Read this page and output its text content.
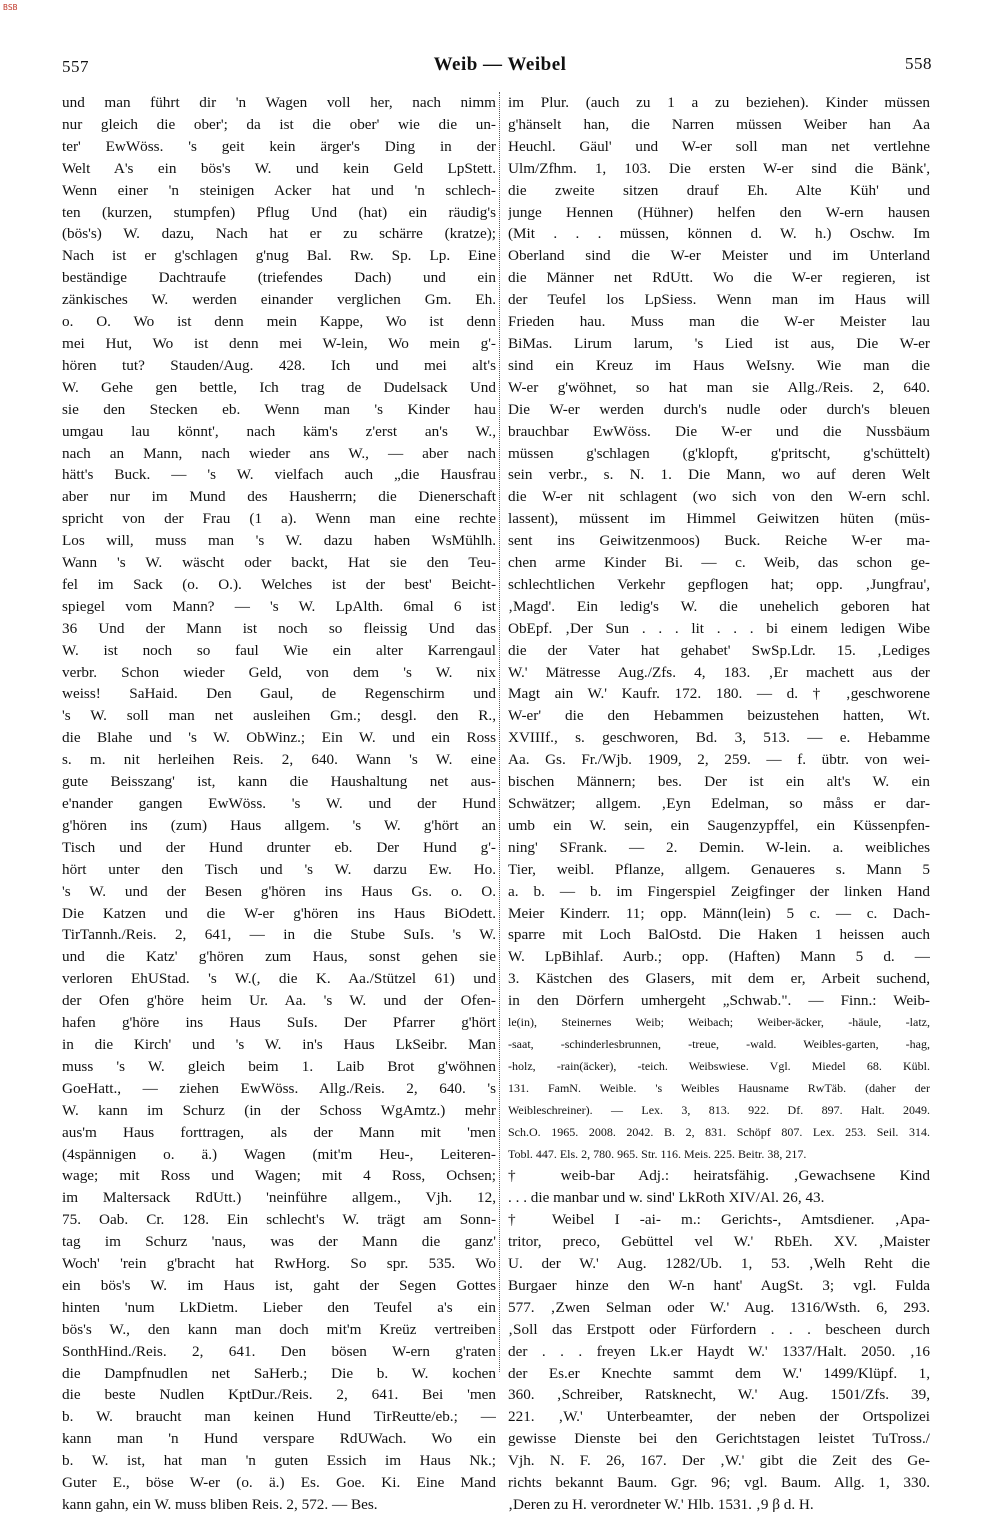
BSB
557	Weib — Weibel	558
und man führt dir 'n Wagen voll her, nach nimm
nur gleich die ober'; da ist die ober' wie die un-
ter' EwWöss. 's geit kein ärger's Ding in der
Welt A's ein bös's W. und kein Geld LpStett.
Wenn einer 'n steinigen Acker hat und 'n schlech-
ten (kurzen, stumpfen) Pflug Und (hat) ein räudig's
(bös's) W. dazu, Nach hat er zu schärre (kratze);
Nach ist er g'schlagen g'nug Bal. Rw. Sp. Lp. Eine
beständige Dachtraufe (triefendes Dach) und ein
zänkisches W. werden einander verglichen Gm. Eh.
o. O. Wo ist denn mein Kappe, Wo ist denn
mei Hut, Wo ist denn mei W-lein, Wo mein g'-
hören tut? Stauden/Aug. 428. Ich und mei alt's
W. Gehe gen bettle, Ich trag de Dudelsack Und
sie den Stecken eb. Wenn man 's Kinder hau
umgau lau könnt', nach käm's z'erst an's W.,
nach an Mann, nach wieder ans W., — aber nach
hätt's Buck. — 's W. vielfach auch „die Hausfrau
aber nur im Mund des Hausherrn; die Dienerschaft
spricht von der Frau (1 a). Wenn man eine rechte
Los will, muss man 's W. dazu haben WsMühlh.
Wann 's W. wäscht oder backt, Hat sie den Teu-
fel im Sack (o. O.). Welches ist der best' Beicht-
spiegel vom Mann? — 's W. LpAlth. 6mal 6 ist
36 Und der Mann ist noch so fleissig Und das
W. ist noch so faul Wie ein alter Karrengaul
verbr. Schon wieder Geld, von dem 's W. nix
weiss! SaHaid. Den Gaul, de Regenschirm und
's W. soll man net ausleihen Gm.; desgl. den R.,
die Blahe und 's W. ObWinz.; Ein W. und ein Ross
s. m. nit herleihen Reis. 2, 640. Wann 's W. eine
gute Beisszang' ist, kann die Haushaltung net aus-
e'nander gangen EwWöss. 's W. und der Hund
g'hören ins (zum) Haus allgem. 's W. g'hört an
Tisch und der Hund drunter eb. Der Hund g'-
hört unter den Tisch und 's W. darzu Ew. Ho.
's W. und der Besen g'hören ins Haus Gs. o. O.
Die Katzen und die W-er g'hören ins Haus BiOdett.
TirTannh./Reis. 2, 641, — in die Stube SuIs. 's W.
und die Katz' g'hören zum Haus, sonst gehen sie
verloren EhUStad. 's W.(, die K. Aa./Stützel 61) und
der Ofen g'höre heim Ur. Aa. 's W. und der Ofen-
hafen g'höre ins Haus SuIs. Der Pfarrer g'hört
in die Kirch' und 's W. in's Haus LkSeibr. Man
muss 's W. gleich beim 1. Laib Brot g'wöhnen
GoeHatt., — ziehen EwWöss. Allg./Reis. 2, 640. 's
W. kann im Schurz (in der Schoss WgAmtz.) mehr
aus'm Haus forttragen, als der Mann mit 'men
(4spännigen o. ä.) Wagen (mit'm Heu-, Leiteren-
wage; mit Ross und Wagen; mit 4 Ross, Ochsen;
im Maltersack RdUtt.) 'neinführe allgem., Vjh. 12,
75. Oab. Cr. 128. Ein schlecht's W. trägt am Sonn-
tag im Schurz 'naus, was der Mann die ganz'
Woch' 'rein g'bracht hat RwHorg. So spr. 535. Wo
ein bös's W. im Haus ist, gaht der Segen Gottes
hinten 'num LkDietm. Lieber den Teufel a's ein
bös's W., den kann man doch mit'm Kreüz vertreiben
SonthHind./Reis. 2, 641. Den bösen W-ern g'raten
die Dampfnudlen net SaHerb.; Die b. W. kochen
die beste Nudlen KptDur./Reis. 2, 641. Bei 'men
b. W. braucht man keinen Hund TirReutte/eb.; —
kann man 'n Hund verspare RdUWach. Wo ein
b. W. ist, hat man 'n guten Essich im Haus Nk.;
Guter E., böse W-er (o. ä.) Es. Goe. Ki. Eine Mand
kann gahn, ein W. muss bliben Reis. 2, 572. — Bes.
im Plur. (auch zu 1 a zu beziehen). Kinder müssen
g'hänselt han, die Narren müssen Weiber han Aa
Heuchl. Gäul' und W-er soll man net vertlehne
Ulm/Zfhm. 1, 103. Die ersten W-er sind die Bänk',
die zweite sitzen drauf Eh. Alte Küh' und
junge Hennen (Hühner) helfen den W-ern hausen
(Mit . . . müssen, können d. W. h.) Oschw. Im
Oberland sind die W-er Meister und im Unterland
die Männer net RdUtt. Wo die W-er regieren, ist
der Teufel los LpSiess. Wenn man im Haus will
Frieden hau. Muss man die W-er Meister lau
BiMas. Lirum larum, 's Lied ist aus, Die W-er
sind ein Kreuz im Haus WeIsny. Wie man die
W-er g'wöhnet, so hat man sie Allg./Reis. 2, 640.
Die W-er werden durch's nudle oder durch's bleuen
brauchbar EwWöss. Die W-er und die Nussbäum
müssen g'schlagen (g'klopft, g'pritscht, g'schüttelt)
sein verbr., s. N. 1. Die Mann, wo auf deren Welt
die W-er nit schlagent (wo sich von den W-ern schl.
lassent), müssent im Himmel Geiwitzen hüten (müs-
sent ins Geiwitzenmoos) Buck. Reiche W-er ma-
chen arme Kinder Bi. — c. Weib, das schon ge-
schlechtlichen Verkehr gepflogen hat; opp. ‚Jungfrau',
‚Magd'. Ein ledig's W. die unehelich geboren hat
ObEpf. ‚Der Sun . . . lit . . . bi einem ledigen Wibe
die der Vater hat gehabet' SwSp.Ldr. 15. ‚Lediges
W.' Mätresse Aug./Zfs. 4, 183. ‚Er machett aus der
Magt ain W.' Kaufr. 172. 180. — d. † ‚geschworene
W-er' die den Hebammen beizustehen hatten, Wt.
XVIIIf., s. geschworen, Bd. 3, 513. — e. Hebamme
Aa. Gs. Fr./Wjb. 1909, 2, 259. — f. übtr. von wei-
bischen Männern; bes. Der ist ein alt's W. ein
Schwätzer; allgem. ‚Eyn Edelman, so måss er dar-
umb ein W. sein, ein Saugenzypffel, ein Küssenpfen-
ning' SFrank. — 2. Demin. W-lein. a. weibliches
Tier, weibl. Pflanze, allgem. Genaueres s. Mann 5
a. b. — b. im Fingerspiel Zeigfinger der linken Hand
Meier Kinderr. 11; opp. Männ(lein) 5 c. — c. Dach-
sparre mit Loch BalOstd. Die Haken 1 heissen auch
W. LpBihlaf. Aurb.; opp. (Haften) Mann 5 d. —
3. Kästchen des Glasers, mit dem er, Arbeit suchend,
in den Dörfern umhergeht „Schwab.". — Finn.: Weib-
le(in), Steinernes Weib; Weibach; Weiber-äcker, -häule, -latz,
-saat, -schinderlesbrunnen, -treue, -wald. Weibles-garten, -hag,
-holz, -rain(äcker), -teich. Weibswiese. Vgl. Miedel 68. Kübl.
131. FamN. Weible. 's Weibles Hausname RwTäb. (daher der
Weibleschreiner). — Lex. 3, 813. 922. Df. 897. Halt. 2049.
Sch.O. 1965. 2008. 2042. B. 2, 831. Schöpf 807. Lex. 253. Seil. 314.
Tobl. 447. Els. 2, 780. 965. Str. 116. Meis. 225. Beitr. 38, 217.
† weib-bar Adj.: heiratsfähig. ‚Gewachsene Kind
. . . die manbar und w. sind' LkRoth XIV/Al. 26, 43.
† Weibel I -ai- m.: Gerichts-, Amtsdiener. ‚Apa-
tritor, preco, Gebüttel vel W.' RbEh. XV. ‚Maister
U. der W.' Aug. 1282/Ub. 1, 53. ‚Welh Reht die
Burgaer hinze den W-n hant' AugSt. 3; vgl. Fulda
577. ‚Zwen Selman oder W.' Aug. 1316/Wsth. 6, 293.
‚Soll das Erstpott oder Fürfordern . . . bescheen durch
der . . . freyen Lk.er Haydt W.' 1337/Halt. 2050. ‚16
der Es.er Knechte sammt dem W.' 1499/Klüpf. 1,
360. ‚Schreiber, Ratsknecht, W.' Aug. 1501/Zfs. 39,
221. ‚W.' Unterbeamter, der neben der Ortspolizei
gewisse Dienste bei den Gerichtstagen leistet TuTross./
Vjh. N. F. 26, 167. Der ‚W.' gibt die Zeit des Ge-
richts bekannt Baum. Ggr. 96; vgl. Baum. Allg. 1, 330.
‚Deren zu H. verordneter W.' Hlb. 1531. ‚9 β d. H.
